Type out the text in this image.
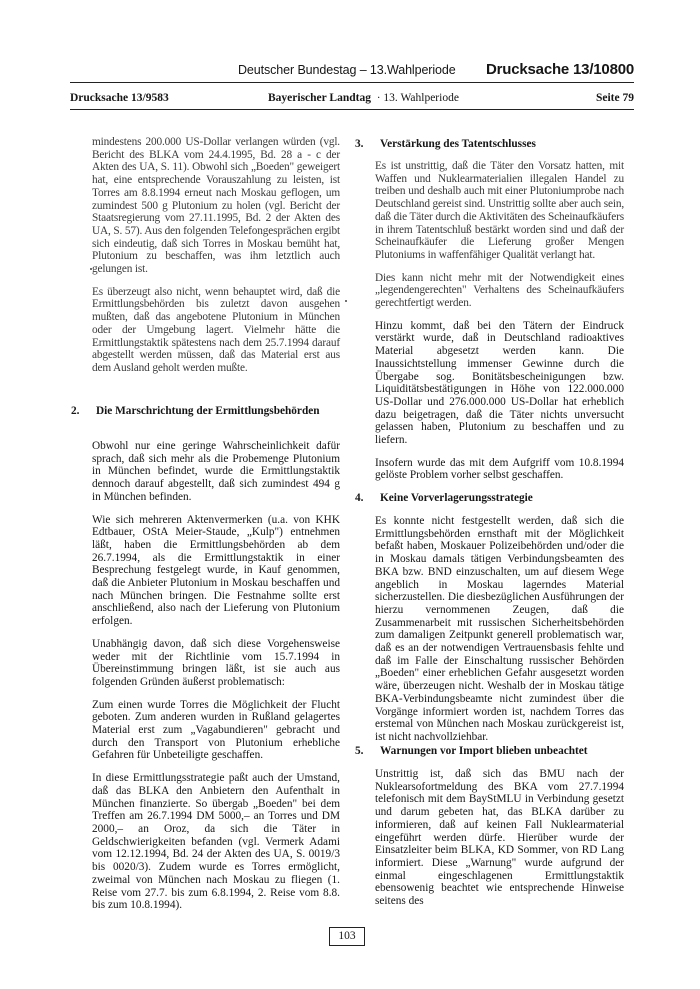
Deutscher Bundestag – 13.Wahlperiode Drucksache 13/10800
Drucksache 13/9583	Bayerischer Landtag · 13. Wahlperiode	Seite 79

mindestens 200.000 US-Dollar verlangen würden (vgl. Bericht des BLKA vom 24.4.1995, Bd. 28 a - c der Akten des UA, S. 11). Obwohl sich „Boeden" geweigert hat, eine entsprechende Vorauszahlung zu leisten, ist Torres am 8.8.1994 erneut nach Moskau geflogen, um zumindest 500 g Plutonium zu holen (vgl. Bericht der Staatsregierung vom 27.11.1995, Bd. 2 der Akten des UA, S. 57). Aus den folgenden Telefongesprächen ergibt sich eindeutig, daß sich Torres in Moskau bemüht hat, Plutonium zu beschaffen, was ihm letztlich auch gelungen ist.

Es überzeugt also nicht, wenn behauptet wird, daß die Ermittlungsbehörden bis zuletzt davon ausgehen mußten, daß das angebotene Plutonium in München oder der Umgebung lagert. Vielmehr hätte die Ermittlungstaktik spätestens nach dem 25.7.1994 darauf abgestellt werden müssen, daß das Material erst aus dem Ausland geholt werden mußte.

2. Die Marschrichtung der Ermittlungsbehörden

Obwohl nur eine geringe Wahrscheinlichkeit dafür sprach, daß sich mehr als die Probemenge Plutonium in München befindet, wurde die Ermittlungstaktik dennoch darauf abgestellt, daß sich zumindest 494 g in München befinden.

Wie sich mehreren Aktenvermerken (u.a. von KHK Edtbauer, OStA Meier-Staude, „Kulp") entnehmen läßt, haben die Ermittlungsbehörden ab dem 26.7.1994, als die Ermittlungstaktik in einer Besprechung festgelegt wurde, in Kauf genommen, daß die Anbieter Plutonium in Moskau beschaffen und nach München bringen. Die Festnahme sollte erst anschließend, also nach der Lieferung von Plutonium erfolgen.

Unabhängig davon, daß sich diese Vorgehensweise weder mit der Richtlinie vom 15.7.1994 in Übereinstimmung bringen läßt, ist sie auch aus folgenden Gründen äußerst problematisch:

Zum einen wurde Torres die Möglichkeit der Flucht geboten. Zum anderen wurden in Rußland gelagertes Material erst zum „Vagabundieren" gebracht und durch den Transport von Plutonium erhebliche Gefahren für Unbeteiligte geschaffen.

In diese Ermittlungsstrategie paßt auch der Umstand, daß das BLKA den Anbietern den Aufenthalt in München finanzierte. So übergab „Boeden" bei dem Treffen am 26.7.1994 DM 5000,– an Torres und DM 2000,– an Oroz, da sich die Täter in Geldschwierigkeiten befanden (vgl. Vermerk Adami vom 12.12.1994, Bd. 24 der Akten des UA, S. 0019/3 bis 0020/3). Zudem wurde es Torres ermöglicht, zweimal von München nach Moskau zu fliegen (1. Reise vom 27.7. bis zum 6.8.1994, 2. Reise vom 8.8. bis zum 10.8.1994).

3. Verstärkung des Tatentschlusses

Es ist unstrittig, daß die Täter den Vorsatz hatten, mit Waffen und Nuklearmaterialien illegalen Handel zu treiben und deshalb auch mit einer Plutoniumprobe nach Deutschland gereist sind. Unstrittig sollte aber auch sein, daß die Täter durch die Aktivitäten des Scheinaufkäufers in ihrem Tatentschluß bestärkt worden sind und daß der Scheinaufkäufer die Lieferung großer Mengen Plutoniums in waffenfähiger Qualität verlangt hat.

Dies kann nicht mehr mit der Notwendigkeit eines „legendengerechten" Verhaltens des Scheinaufkäufers gerechtfertigt werden.

Hinzu kommt, daß bei den Tätern der Eindruck verstärkt wurde, daß in Deutschland radioaktives Material abgesetzt werden kann. Die Inaussichtstellung immenser Gewinne durch die Übergabe sog. Bonitätsbescheinigungen bzw. Liquiditätsbestätigungen in Höhe von 122.000.000 US-Dollar und 276.000.000 US-Dollar hat erheblich dazu beigetragen, daß die Täter nichts unversucht gelassen haben, Plutonium zu beschaffen und zu liefern.

Insofern wurde das mit dem Aufgriff vom 10.8.1994 gelöste Problem vorher selbst geschaffen.

4. Keine Vorverlagerungsstrategie

Es konnte nicht festgestellt werden, daß sich die Ermittlungsbehörden ernsthaft mit der Möglichkeit befaßt haben, Moskauer Polizeibehörden und/oder die in Moskau damals tätigen Verbindungsbeamten des BKA bzw. BND einzuschalten, um auf diesem Wege angeblich in Moskau lagerndes Material sicherzustellen. Die diesbezüglichen Ausführungen der hierzu vernommenen Zeugen, daß die Zusammenarbeit mit russischen Sicherheitsbehörden zum damaligen Zeitpunkt generell problematisch war, daß es an der notwendigen Vertrauensbasis fehlte und daß im Falle der Einschaltung russischer Behörden „Boeden" einer erheblichen Gefahr ausgesetzt worden wäre, überzeugen nicht. Weshalb der in Moskau tätige BKA-Verbindungsbeamte nicht zumindest über die Vorgänge informiert worden ist, nachdem Torres das erstemal von München nach Moskau zurückgereist ist, ist nicht nachvollziehbar.

5. Warnungen vor Import blieben unbeachtet

Unstrittig ist, daß sich das BMU nach der Nuklearsofortmeldung des BKA vom 27.7.1994 telefonisch mit dem BayStMLU in Verbindung gesetzt und darum gebeten hat, das BLKA darüber zu informieren, daß auf keinen Fall Nuklearmaterial eingeführt werden dürfe. Hierüber wurde der Einsatzleiter beim BLKA, KD Sommer, von RD Lang informiert. Diese „Warnung" wurde aufgrund der einmal eingeschlagenen Ermittlungstaktik ebensowenig beachtet wie entsprechende Hinweise seitens des

103
